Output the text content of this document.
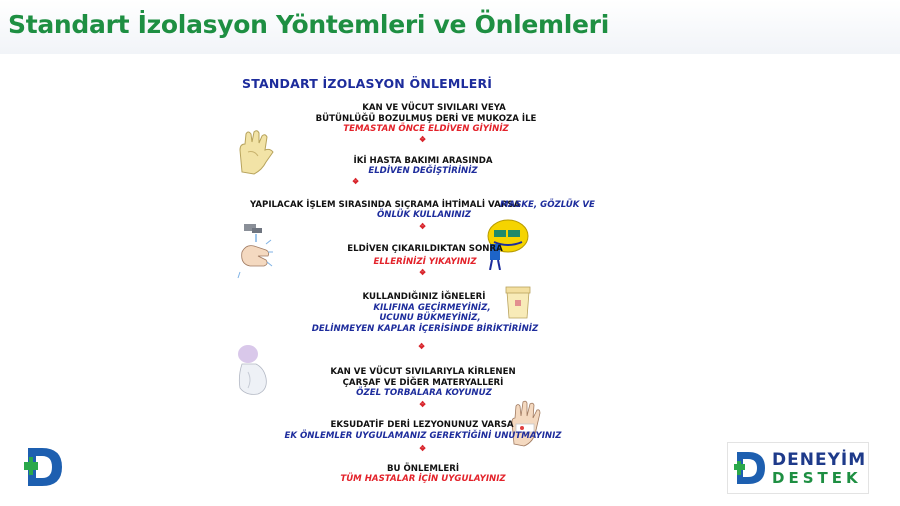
Standart İzolasyon Yöntemleri ve Önlemleri
STANDART İZOLASYON ÖNLEMLERİ
KAN VE VÜCUT SIVILARI VEYA
BÜTÜNLÜĞÜ BOZULMUŞ DERİ VE MUKOZA İLE
TEMASTAN ÖNCE ELDİVEN GİYİNİZ
❖
İKİ HASTA BAKIMI ARASINDA
ELDİVEN DEĞİŞTİRİNİZ
❖
YAPILACAK İŞLEM SIRASINDA SIÇRAMA İHTİMALİ VARSA
MASKE, GÖZLÜK VE
ÖNLÜK KULLANINIZ
❖
ELDİVEN ÇIKARILDIKTAN SONRA
ELLERİNİZİ YIKAYINIZ
❖
KULLANDIĞINIZ İĞNELERİ
KILIFINA GEÇİRMEYİNİZ,
UCUNU BÜKMEYİNİZ,
DELİNMEYEN KAPLAR İÇERİSİNDE BİRİKTİRİNİZ
❖
KAN VE VÜCUT SIVILARIYLA KİRLENEN
ÇARŞAF VE DİĞER MATERYALLERİ
ÖZEL TORBALARA KOYUNUZ
❖
EKSUDATİF DERİ LEZYONUNUZ VARSA
EK ÖNLEMLER UYGULAMANIZ GEREKTİĞİNİ UNUTMAYINIZ
❖
BU ÖNLEMLERİ
TÜM HASTALAR İÇİN UYGULAYINIZ
DENEYİM
DESTEK
